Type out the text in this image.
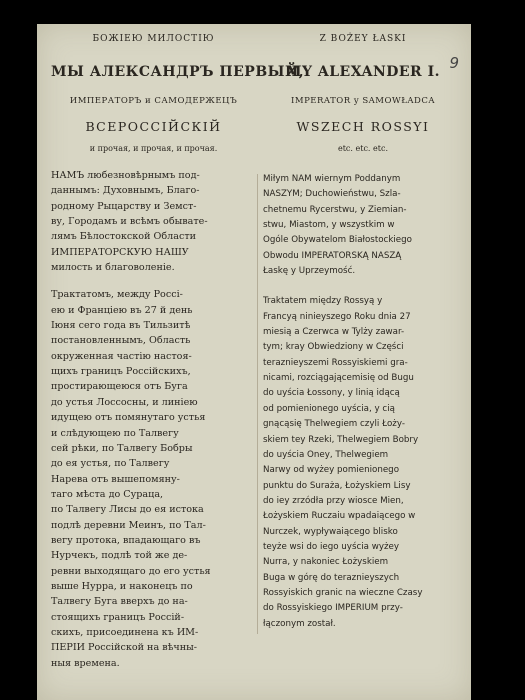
9
БОЖІЕЮ МИЛОСТІЮ
МЫ АЛЕКСАНДРЪ ПЕРВЫЙ,
ИМПЕРАТОРЪ и САМОДЕРЖЕЦЪ
ВСЕРОССІЙСКІЙ
и прочая, и прочая, и прочая.
НАМЪ любезновѣрнымъ под-
даннымъ: Духовнымъ, Благо-
родному Рыцарству и Земст-
ву, Городамъ и всѣмъ обывате-
лямъ Бѣлостокской Области
ИМПЕРАТОРСКУЮ НАШУ
милость и благоволеніе.
Трактатомъ, между Россі-
ею и Франціею въ 27 й день
Іюня сего года въ Тильзитѣ
постановленнымъ, Область
окруженная частію настоя-
щихъ границъ Россійскихъ,
простирающеюся отъ Буга
до устья Лоссосны, и линіею
идущею отъ помянутаго устья
и слѣдующею по Талвегу
сей рѣки, по Талвегу Бобры
до ея устья, по Талвегу
Нарева отъ вышепомяну-
таго мѣста до Сураца,
по Талвегу Лисы до ея истока
подлѣ деревни Меинъ, по Тал-
вегу протока, впадающаго въ
Нурчекъ, подлѣ той же де-
ревни выходящаго до его устья
выше Нурра, и наконецъ по
Талвегу Буга вверхъ до на-
стоящихъ границъ Россій-
скихъ, присоединена къ ИМ-
ПЕРІИ Россійской на вѣчны-
ныя времена.
Z BOŻEY ŁASKI
MY ALEXANDER I.
IMPERATOR y SAMOWŁADCA
WSZECH ROSSYI
etc. etc. etc.
Miłym NAM wiernym Poddanym
NASZYM; Duchowieństwu, Szla-
chetnemu Rycerstwu, y Ziemian-
stwu, Miastom, y wszystkim w
Ogóle Obywatelom Białostockiego
Obwodu IMPERATORSKĄ NASZĄ
Łaskę y Uprzeymość.
Traktatem między Rossyą y
Francyą ninieyszego Roku dnia 27
miesią a Czerwca w Tylży zawar-
tym; kray Obwiedziony w Części
teraznieyszemi Rossyiskiemi gra-
nicami, rozciągającemisię od Bugu
do uyścia Łossony, y linią idącą
od pomienionego uyścia, y cią
gnącąsię Thelwegiem czyli Łoży-
skiem tey Rzeki, Thelwegiem Bobry
do uyścia Oney, Thelwegiem
Narwy od wyżey pomienionego
punktu do Suraża, Łożyskiem Lisy
do iey zrzódła przy wiosce Mien,
Łożyskiem Ruczaiu wpadaiącego w
Nurczek, wypływaiącego blisko
teyże wsi do iego uyścia wyżey
Nurra, y nakoniec Łożyskiem
Buga w górę do teraznieyszych
Rossyiskich granic na wieczne Czasy
do Rossyiskiego IMPERIUM przy-
łączonym został.
